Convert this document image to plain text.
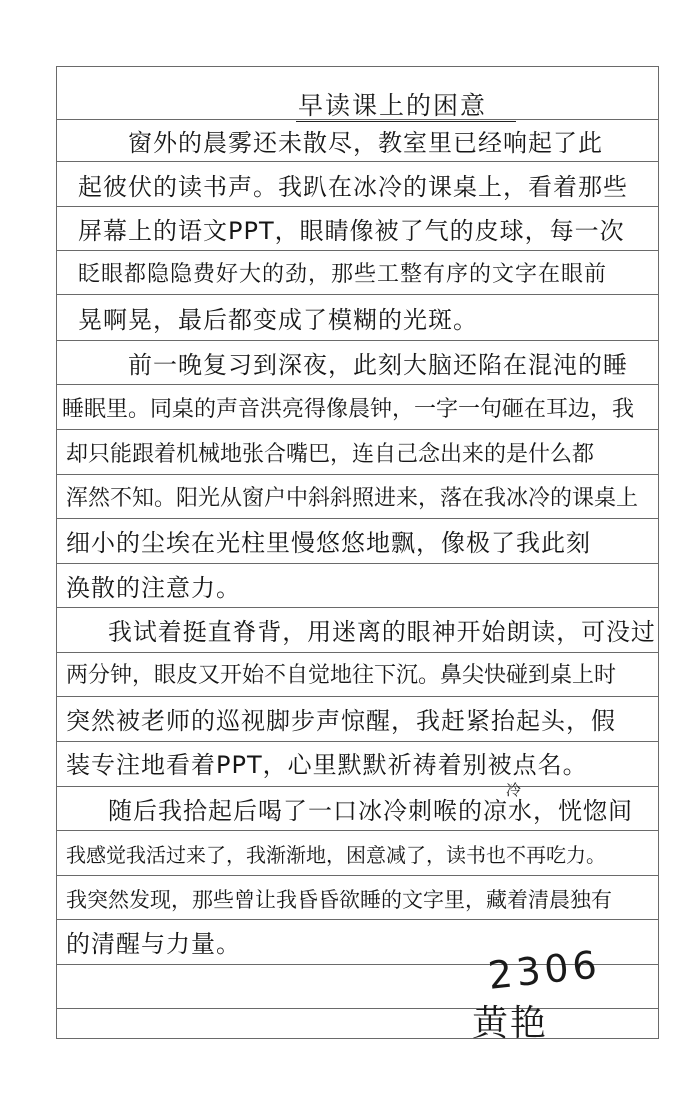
早读课上的困意
窗外的晨雾还未散尽，教室里已经响起了此
起彼伏的读书声。我趴在冰冷的课桌上，看着那些
屏幕上的语文PPT，眼睛像被了气的皮球，每一次
眨眼都隐隐费好大的劲，那些工整有序的文字在眼前
晃啊晃，最后都变成了模糊的光斑。
前一晚复习到深夜，此刻大脑还陷在混沌的睡
睡眠里。同桌的声音洪亮得像晨钟，一字一句砸在耳边，我
却只能跟着机械地张合嘴巴，连自己念出来的是什么都
浑然不知。阳光从窗户中斜斜照进来，落在我冰冷的课桌上
细小的尘埃在光柱里慢悠悠地飘，像极了我此刻
涣散的注意力。
我试着挺直脊背，用迷离的眼神开始朗读，可没过
两分钟，眼皮又开始不自觉地往下沉。鼻尖快碰到桌上时
突然被老师的巡视脚步声惊醒，我赶紧抬起头，假
装专注地看着PPT，心里默默祈祷着别被点名。
冷
随后我拾起后喝了一口冰冷刺喉的凉水，恍惚间
我感觉我活过来了，我渐渐地，困意减了，读书也不再吃力。
我突然发现，那些曾让我昏昏欲睡的文字里，藏着清晨独有
的清醒与力量。	2306
黄艳
